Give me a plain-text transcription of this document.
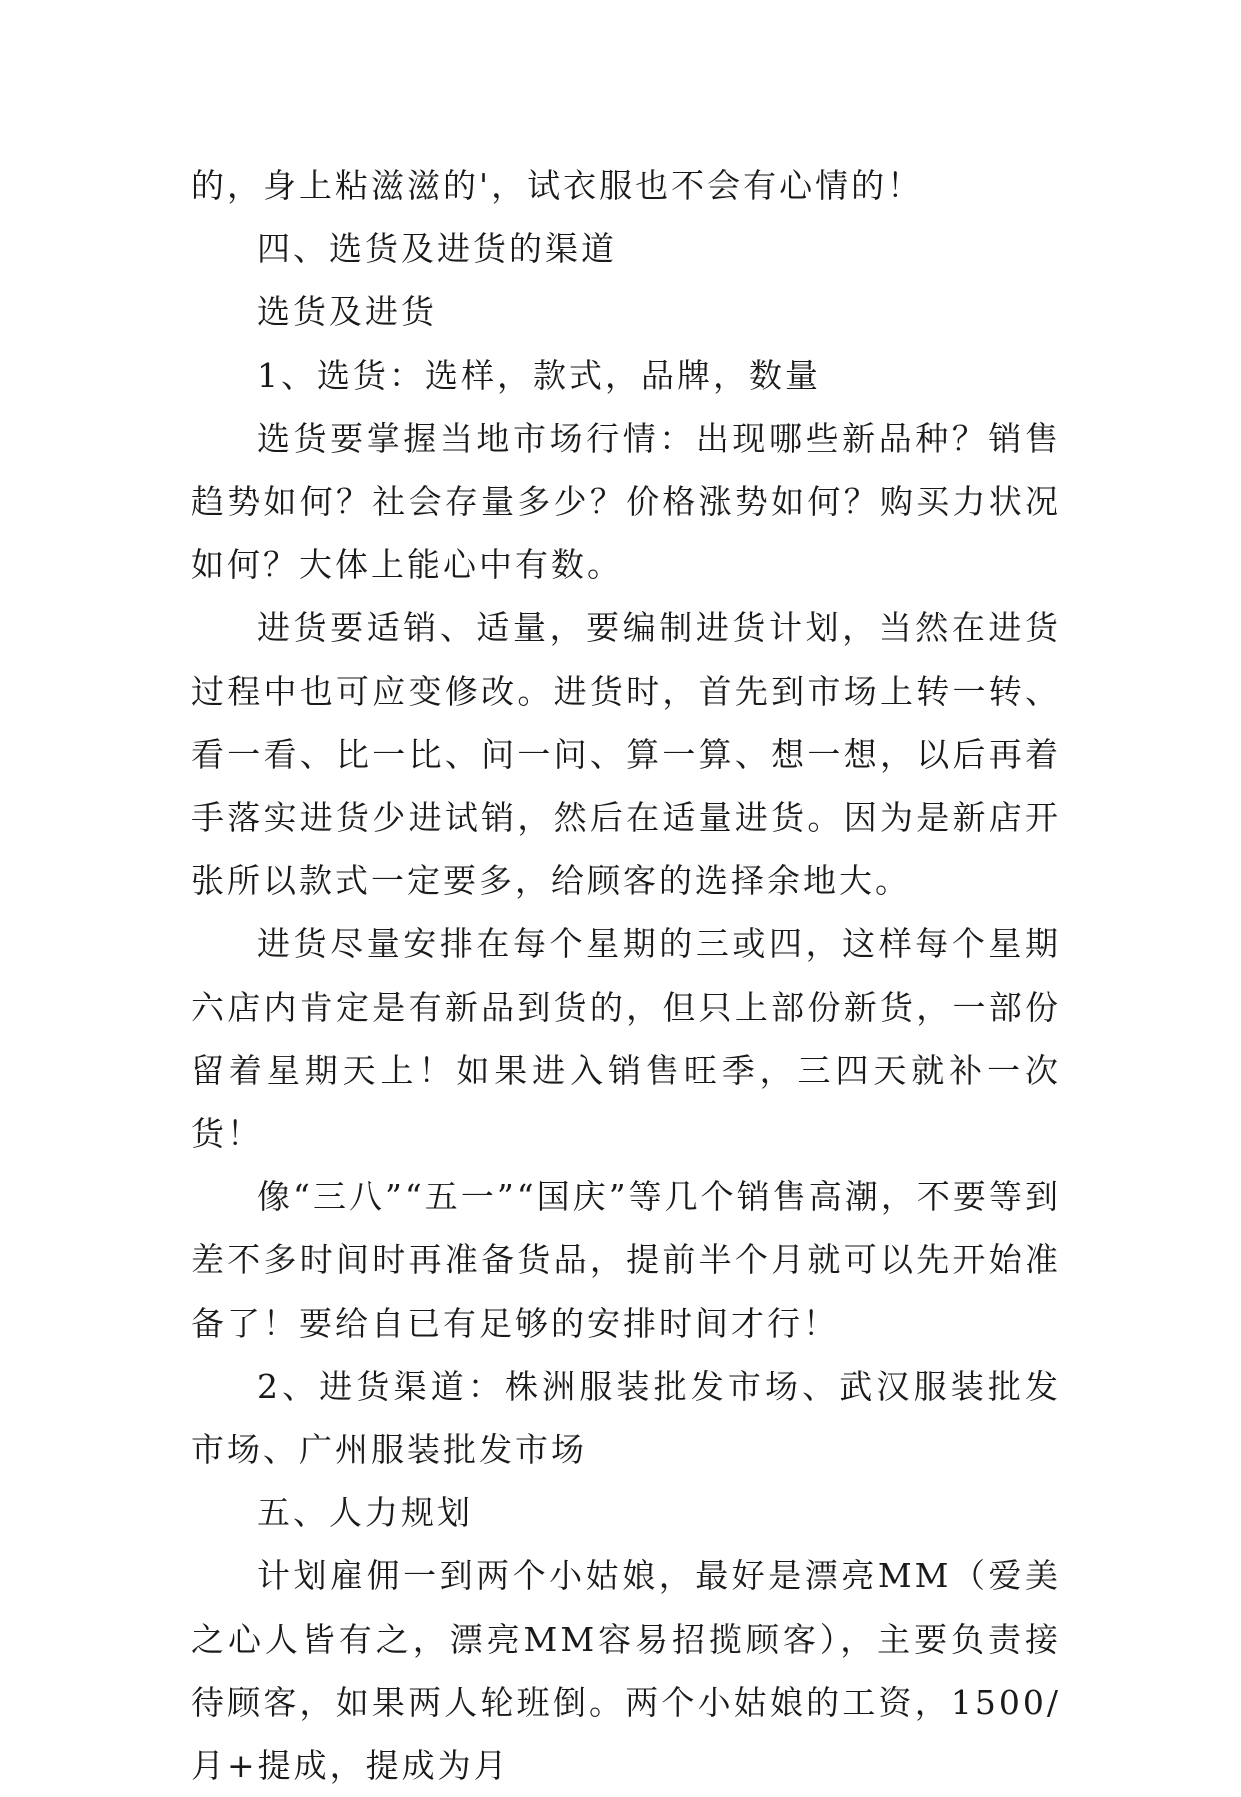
的，身上粘滋滋的'，试衣服也不会有心情的！

四、选货及进货的渠道

选货及进货

1、选货：选样，款式，品牌，数量

选货要掌握当地市场行情：出现哪些新品种？销售趋势如何？社会存量多少？价格涨势如何？购买力状况如何？大体上能心中有数。

进货要适销、适量，要编制进货计划，当然在进货过程中也可应变修改。进货时，首先到市场上转一转、看一看、比一比、问一问、算一算、想一想，以后再着手落实进货少进试销，然后在适量进货。因为是新店开张所以款式一定要多，给顾客的选择余地大。

进货尽量安排在每个星期的三或四，这样每个星期六店内肯定是有新品到货的，但只上部份新货，一部份留着星期天上！如果进入销售旺季，三四天就补一次货！

像“三八”“五一”“国庆”等几个销售高潮，不要等到差不多时间时再准备货品，提前半个月就可以先开始准备了！要给自已有足够的安排时间才行！

2、进货渠道：株洲服装批发市场、武汉服装批发市场、广州服装批发市场

五、人力规划

计划雇佣一到两个小姑娘，最好是漂亮MM（爱美之心人皆有之，漂亮MM容易招揽顾客），主要负责接待顾客，如果两人轮班倒。两个小姑娘的工资，1500/月+提成，提成为月
